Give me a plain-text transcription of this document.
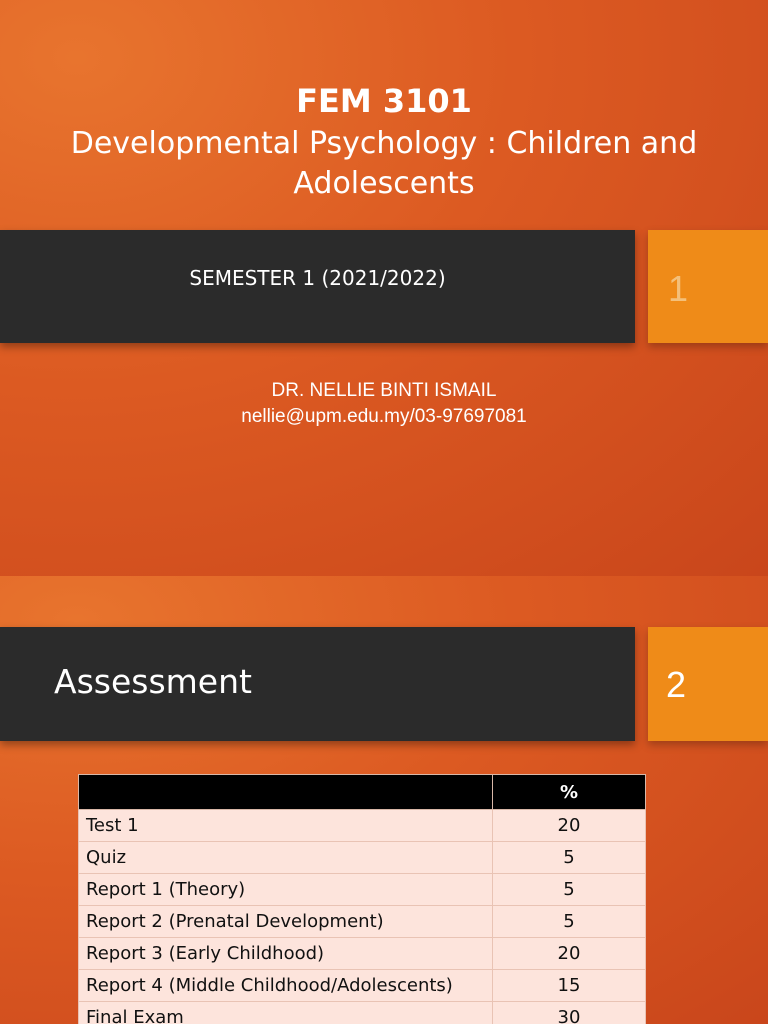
FEM 3101
Developmental Psychology : Children and Adolescents
SEMESTER 1 (2021/2022)	1
DR. NELLIE BINTI ISMAIL
nellie@upm.edu.my/03-97697081
Assessment	2
	%
Test 1	20
Quiz	5
Report 1 (Theory)	5
Report 2 (Prenatal Development)	5
Report 3 (Early Childhood)	20
Report 4 (Middle Childhood/Adolescents)	15
Final Exam	30
